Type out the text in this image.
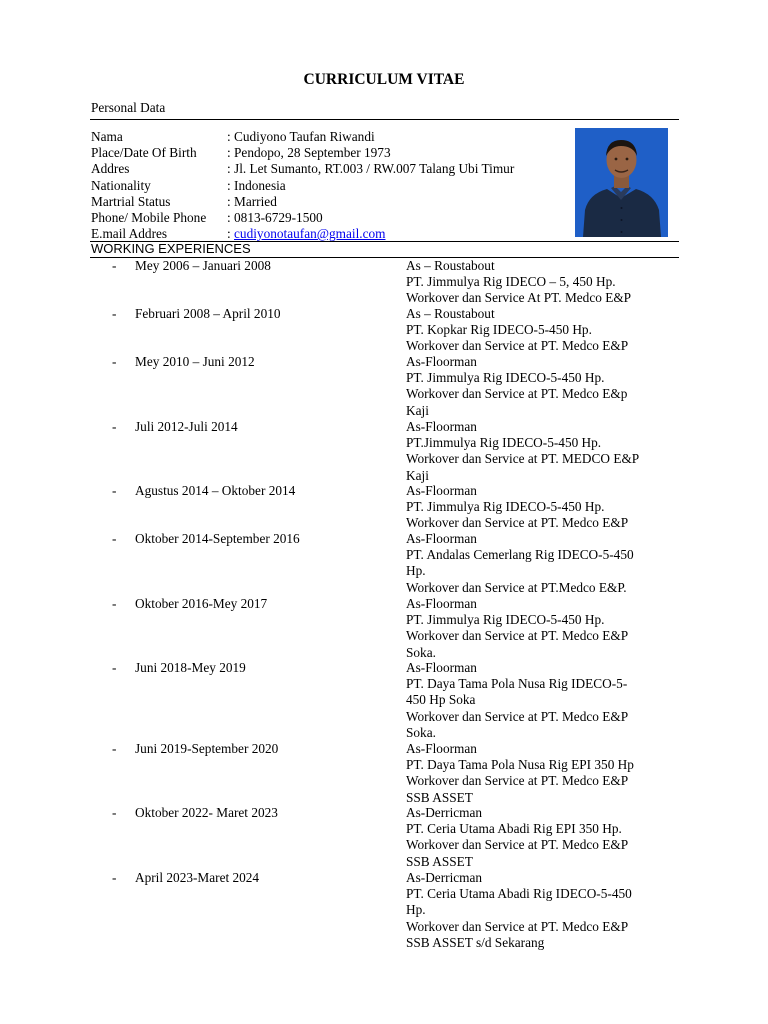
CURRICULUM VITAE
Personal Data
Nama	: Cudiyono Taufan Riwandi
Place/Date Of Birth : Pendopo, 28 September 1973
Addres	: Jl. Let Sumanto, RT.003 / RW.007 Talang Ubi Timur
Nationality	: Indonesia
Martrial Status	: Married
Phone/ Mobile Phone : 0813-6729-1500
E.mail Addres	: cudiyonotaufan@gmail.com
WORKING EXPERIENCES
- Mey 2006 – Januari 2008	As – Roustabout
PT. Jimmulya Rig IDECO – 5, 450 Hp.
Workover dan Service At PT. Medco E&P
- Februari 2008 – April 2010	As – Roustabout
PT. Kopkar Rig IDECO-5-450 Hp.
Workover dan Service at PT. Medco E&P
- Mey 2010 – Juni 2012	As-Floorman
PT. Jimmulya Rig IDECO-5-450 Hp.
Workover dan Service at PT. Medco E&p
Kaji
- Juli 2012-Juli 2014	As-Floorman
PT.Jimmulya Rig IDECO-5-450 Hp.
Workover dan Service at PT. MEDCO E&P
Kaji
- Agustus 2014 – Oktober 2014	As-Floorman
PT. Jimmulya Rig IDECO-5-450 Hp.
Workover dan Service at PT. Medco E&P
- Oktober 2014-September 2016	As-Floorman
PT. Andalas Cemerlang Rig IDECO-5-450
Hp.
Workover dan Service at PT.Medco E&P.
- Oktober 2016-Mey 2017	As-Floorman
PT. Jimmulya Rig IDECO-5-450 Hp.
Workover dan Service at PT. Medco E&P
Soka.
- Juni 2018-Mey 2019	As-Floorman
PT. Daya Tama Pola Nusa Rig IDECO-5-
450 Hp Soka
Workover dan Service at PT. Medco E&P
Soka.
- Juni 2019-September 2020	As-Floorman
PT. Daya Tama Pola Nusa Rig EPI 350 Hp
Workover dan Service at PT. Medco E&P
SSB ASSET
- Oktober 2022- Maret 2023	As-Derricman
PT. Ceria Utama Abadi Rig EPI 350 Hp.
Workover dan Service at PT. Medco E&P
SSB ASSET
- April 2023-Maret 2024	As-Derricman
PT. Ceria Utama Abadi Rig IDECO-5-450
Hp.
Workover dan Service at PT. Medco E&P
SSB ASSET s/d Sekarang
